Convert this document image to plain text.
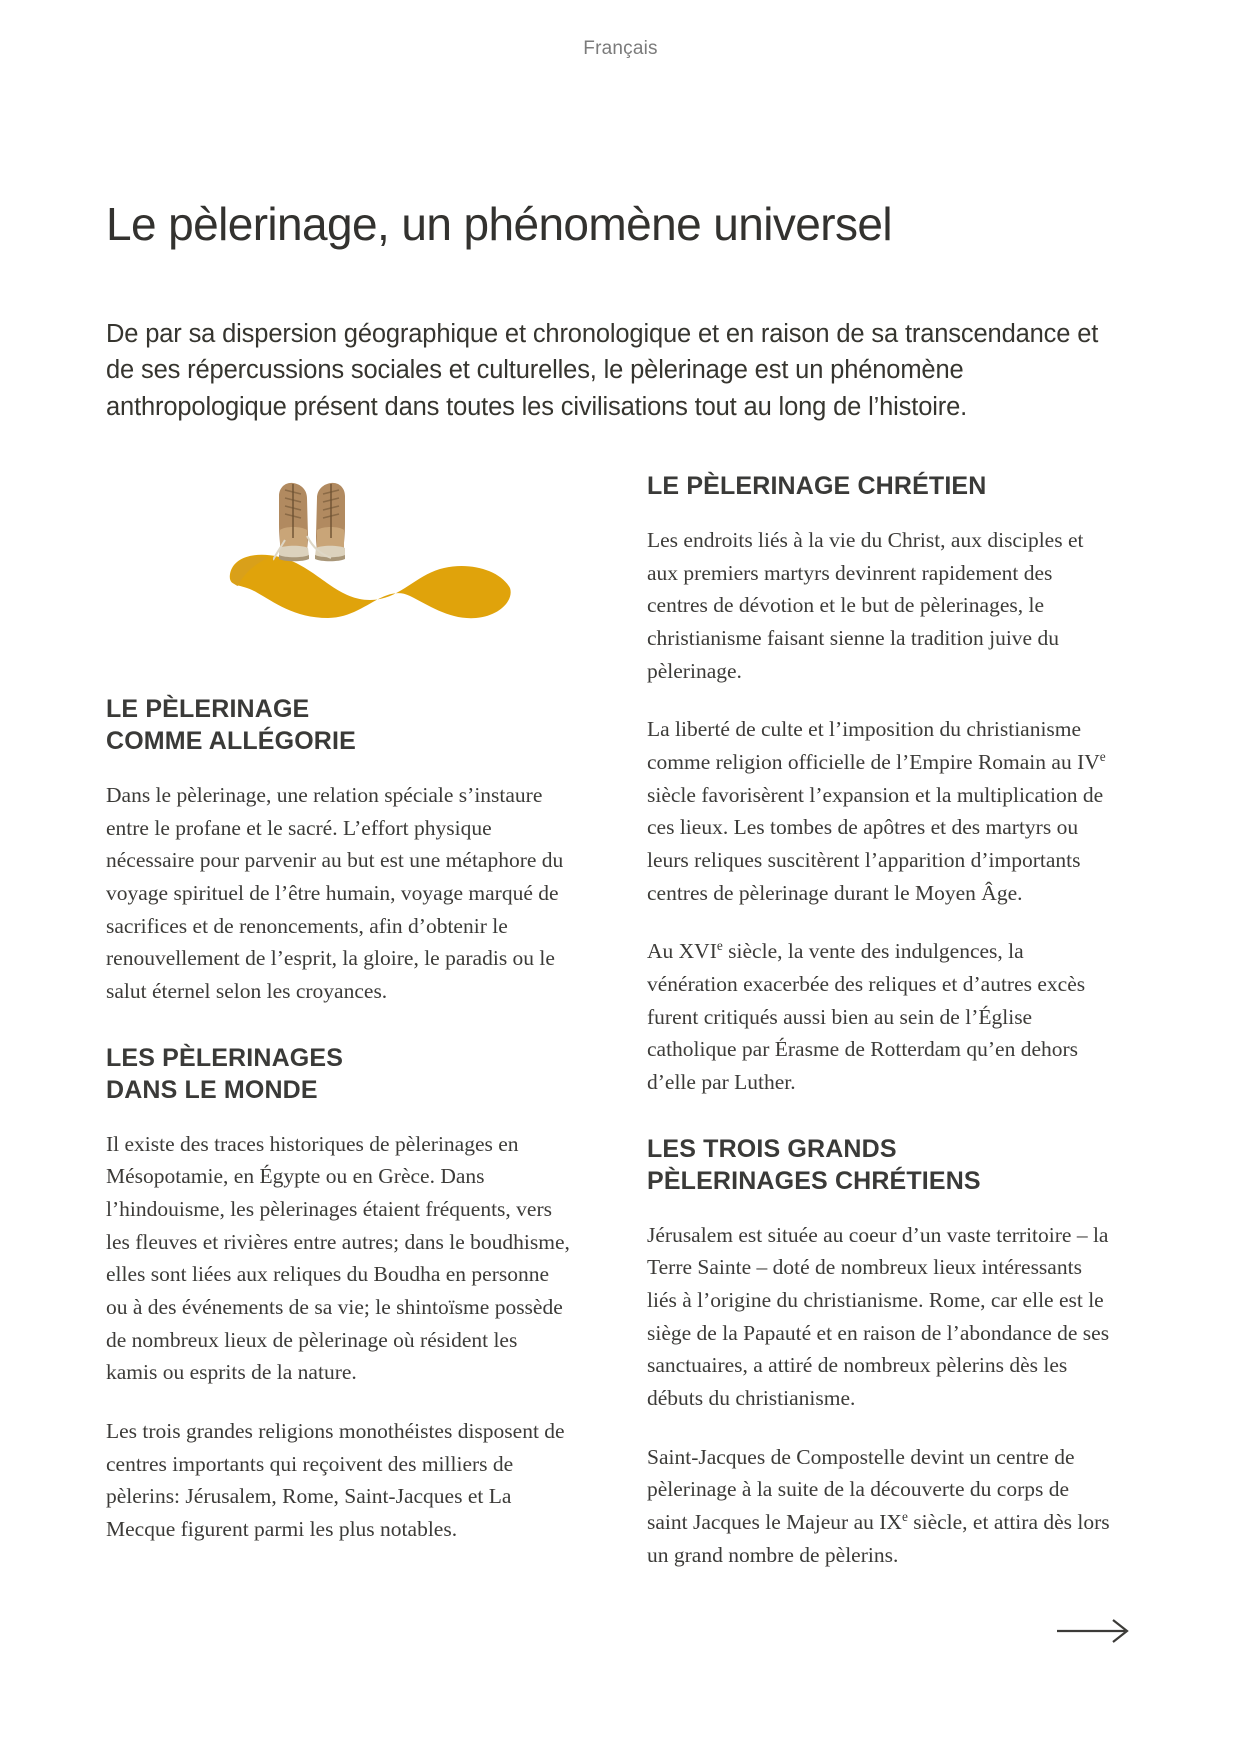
Français
Le pèlerinage, un phénomène universel

De par sa dispersion géographique et chronologique et en raison de sa transcendance et de ses répercussions sociales et culturelles, le pèlerinage est un phénomène anthropologique présent dans toutes les civilisations tout au long de l’histoire.

LE PÈLERINAGE
COMME ALLÉGORIE

Dans le pèlerinage, une relation spéciale s’instaure entre le profane et le sacré. L’effort physique nécessaire pour parvenir au but est une métaphore du voyage spirituel de l’être humain, voyage marqué de sacrifices et de renoncements, afin d’obtenir le renouvellement de l’esprit, la gloire, le paradis ou le salut éternel selon les croyances.

LES PÈLERINAGES
DANS LE MONDE

Il existe des traces historiques de pèlerinages en Mésopotamie, en Égypte ou en Grèce. Dans l’hindouisme, les pèlerinages étaient fréquents, vers les fleuves et rivières entre autres; dans le boudhisme, elles sont liées aux reliques du Boudha en personne ou à des événements de sa vie; le shintoïsme possède de nombreux lieux de pèlerinage où résident les kamis ou esprits de la nature.

Les trois grandes religions monothéistes disposent de centres importants qui reçoivent des milliers de pèlerins: Jérusalem, Rome, Saint-Jacques et La Mecque figurent parmi les plus notables.

LE PÈLERINAGE CHRÉTIEN

Les endroits liés à la vie du Christ, aux disciples et aux premiers martyrs devinrent rapidement des centres de dévotion et le but de pèlerinages, le christianisme faisant sienne la tradition juive du pèlerinage.

La liberté de culte et l’imposition du christianisme comme religion officielle de l’Empire Romain au IVe siècle favorisèrent l’expansion et la multiplication de ces lieux. Les tombes de apôtres et des martyrs ou leurs reliques suscitèrent l’apparition d’importants centres de pèlerinage durant le Moyen Âge.

Au XVIe siècle, la vente des indulgences, la vénération exacerbée des reliques et d’autres excès furent critiqués aussi bien au sein de l’Église catholique par Érasme de Rotterdam qu’en dehors d’elle par Luther.

LES TROIS GRANDS
PÈLERINAGES CHRÉTIENS

Jérusalem est située au coeur d’un vaste territoire – la Terre Sainte – doté de nombreux lieux intéressants liés à l’origine du christianisme. Rome, car elle est le siège de la Papauté et en raison de l’abondance de ses sanctuaires, a attiré de nombreux pèlerins dès les débuts du christianisme.

Saint-Jacques de Compostelle devint un centre de pèlerinage à la suite de la découverte du corps de saint Jacques le Majeur au IXe siècle, et attira dès lors un grand nombre de pèlerins.
